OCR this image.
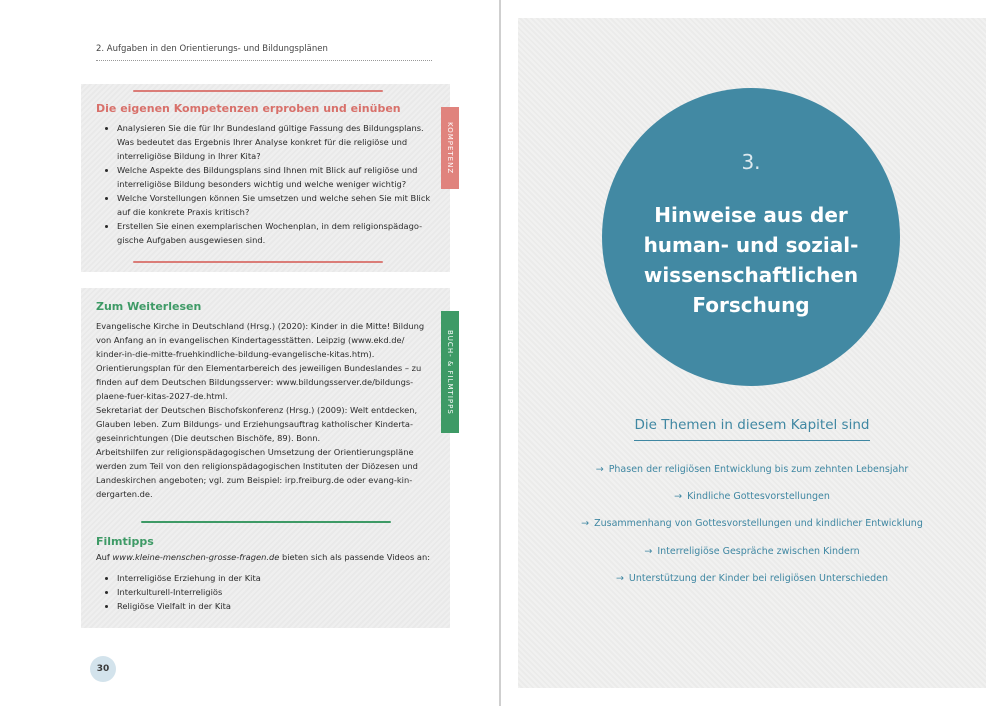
2. Aufgaben in den Orientierungs- und Bildungsplänen
Die eigenen Kompetenzen erproben und einüben
• Analysieren Sie die für Ihr Bundesland gültige Fassung des Bildungsplans.
Was bedeutet das Ergebnis Ihrer Analyse konkret für die religiöse und
interreligiöse Bildung in Ihrer Kita?
• Welche Aspekte des Bildungsplans sind Ihnen mit Blick auf religiöse und
interreligiöse Bildung besonders wichtig und welche weniger wichtig?
• Welche Vorstellungen können Sie umsetzen und welche sehen Sie mit Blick
auf die konkrete Praxis kritisch?
• Erstellen Sie einen exemplarischen Wochenplan, in dem religionspädago-
gische Aufgaben ausgewiesen sind.
KOMPETENZ
Zum Weiterlesen
Evangelische Kirche in Deutschland (Hrsg.) (2020): Kinder in die Mitte! Bildung
von Anfang an in evangelischen Kindertagesstätten. Leipzig (www.ekd.de/
kinder-in-die-mitte-fruehkindliche-bildung-evangelische-kitas.htm).
Orientierungsplan für den Elementarbereich des jeweiligen Bundeslandes – zu
finden auf dem Deutschen Bildungsserver: www.bildungsserver.de/bildungs-
plaene-fuer-kitas-2027-de.html.
Sekretariat der Deutschen Bischofskonferenz (Hrsg.) (2009): Welt entdecken,
Glauben leben. Zum Bildungs- und Erziehungsauftrag katholischer Kinderta-
geseinrichtungen (Die deutschen Bischöfe, 89). Bonn.
Arbeitshilfen zur religionspädagogischen Umsetzung der Orientierungspläne
werden zum Teil von den religionspädagogischen Instituten der Diözesen und
Landeskirchen angeboten; vgl. zum Beispiel: irp.freiburg.de oder evang-kin-
dergarten.de.
Filmtipps
Auf www.kleine-menschen-grosse-fragen.de bieten sich als passende Videos an:
• Interreligiöse Erziehung in der Kita
• Interkulturell-Interreligiös
• Religiöse Vielfalt in der Kita
BUCH- & FILMTIPPS
30
3.
Hinweise aus der
human- und sozial-
wissenschaftlichen
Forschung
Die Themen in diesem Kapitel sind
→ Phasen der religiösen Entwicklung bis zum zehnten Lebensjahr
→ Kindliche Gottesvorstellungen
→ Zusammenhang von Gottesvorstellungen und kindlicher Entwicklung
→ Interreligiöse Gespräche zwischen Kindern
→ Unterstützung der Kinder bei religiösen Unterschieden
